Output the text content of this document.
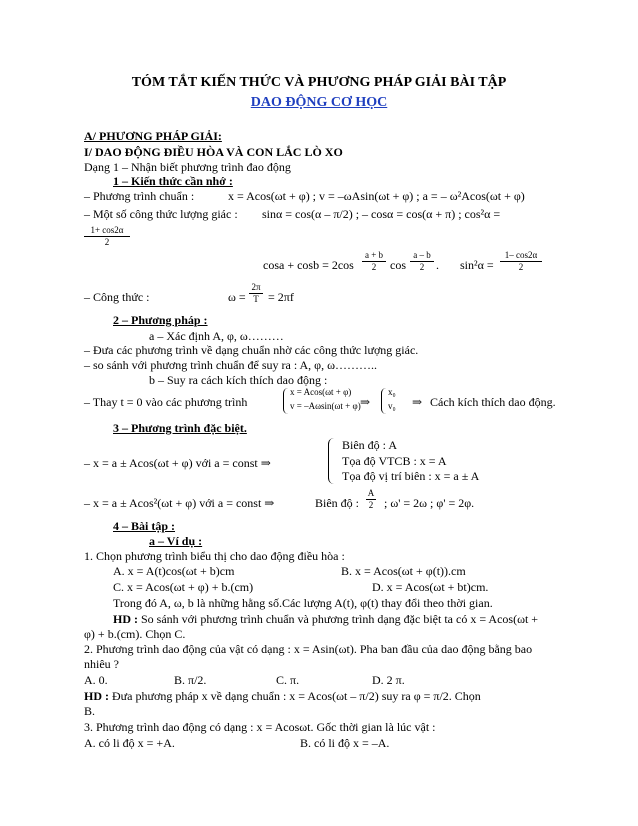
TÓM TẮT KIẾN THỨC VÀ PHƯƠNG PHÁP GIẢI BÀI TẬP
DAO ĐỘNG CƠ HỌC
A/ PHƯƠNG PHÁP GIẢI:
I/ DAO ĐỘNG ĐIỀU HÒA VÀ CON LẮC LÒ XO
Dạng 1 – Nhận biết phương trình đao động
1 – Kiến thức cần nhớ :
– Phương trình chuẩn :	x = Acos(ωt + φ) ; v = –ωAsin(ωt + φ) ; a = – ω²Acos(ωt + φ)
– Một số công thức lượng giác : sinα = cos(α – π/2) ; – cosα = cos(α + π) ; cos²α =
$\frac{1+ \cos 2\alpha}{2}$
$\cos a + \cos b = 2\cos \frac{a + b}{2}$ $\cos \frac{a - b}{2}$ . $\sin^2\alpha = \frac{1- \cos 2\alpha}{2}$
– Công thức :	$\omega = \frac{2\pi}{T} = 2\pi f$
2 – Phương pháp :
a – Xác định A, φ, ω………
– Đưa các phương trình về dạng chuẩn nhờ các công thức lượng giác.
– so sánh với phương trình chuẩn để suy ra : A, φ, ω………..
b – Suy ra cách kích thích dao động :
– Thay t = 0 vào các phương trình
x = Acos(ωt + φ)
v = –Aωsin(ωt + φ) ⇒
x₀
v₀ ⇒ Cách kích thích dao động.
3 – Phương trình đặc biệt.
– x = a ± Acos(ωt + φ) với a = const ⇒
Biên độ : A
Tọa độ VTCB : x = A
Tọa độ vị trí biên : x = a ± A
– x = a ± Acos²(ωt + φ) với a = const ⇒	Biên độ : $\frac{A}{2}$ ; ω' = 2ω ; φ' = 2φ.
4 – Bài tập :
a – Ví dụ :
1. Chọn phương trình biểu thị cho dao động điều hòa :
A. x = A(t)cos(ωt + b)cm	B. x = Acos(ωt + φ(t)).cm
C. x = Acos(ωt + φ) + b.(cm)	D. x = Acos(ωt + bt)cm.
Trong đó A, ω, b là những hằng số.Các lượng A(t), φ(t) thay đổi theo thời gian.
HD : So sánh với phương trình chuẩn và phương trình dạng đặc biệt ta có x = Acos(ωt +
φ) + b.(cm). Chọn C.
2. Phương trình dao động của vật có dạng : x = Asin(ωt). Pha ban đầu của dao động bằng bao
nhiêu ?
A. 0.	B. π/2.	C. π.	D. 2 π.
HD : Đưa phương pháp x về dạng chuẩn : x = Acos(ωt – π/2) suy ra φ = π/2. Chọn
B.
3. Phương trình dao động có dạng : x = Acosωt. Gốc thời gian là lúc vật :
A. có li độ x = +A.	B. có li độ x = –A.
